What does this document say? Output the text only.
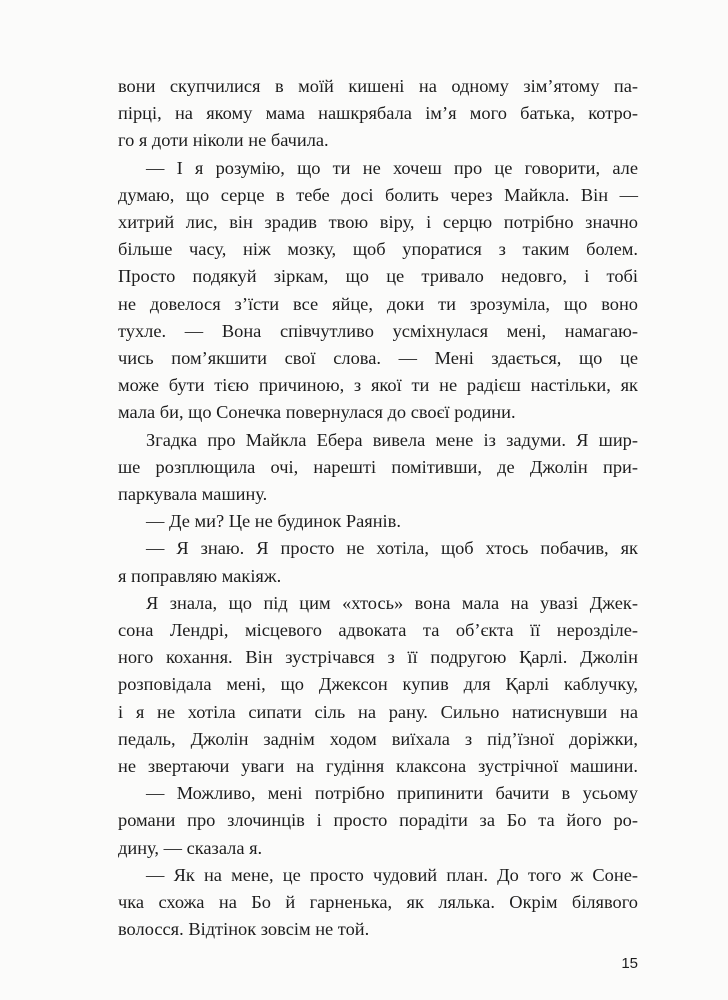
вони скупчилися в моїй кишені на одному зім’ятому па-
пірці, на якому мама нашкрябала ім’я мого батька, котро-
го я доти ніколи не бачила.
— І я розумію, що ти не хочеш про це говорити, але
думаю, що серце в тебе досі болить через Майкла. Він —
хитрий лис, він зрадив твою віру, і серцю потрібно значно
більше часу, ніж мозку, щоб упоратися з таким болем.
Просто подякуй зіркам, що це тривало недовго, і тобі
не довелося з’їсти все яйце, доки ти зрозуміла, що воно
тухле. — Вона співчутливо усміхнулася мені, намагаю-
чись пом’якшити свої слова. — Мені здається, що це
може бути тією причиною, з якої ти не радієш настільки, як
мала би, що Сонечка повернулася до своєї родини.
Згадка про Майкла Ебера вивела мене із задуми. Я шир-
ше розплющила очі, нарешті помітивши, де Джолін при-
паркувала машину.
— Де ми? Це не будинок Раянів.
— Я знаю. Я просто не хотіла, щоб хтось побачив, як
я поправляю макіяж.
Я знала, що під цим «хтось» вона мала на увазі Джек-
сона Лендрі, місцевого адвоката та об’єкта її нерозділе-
ного кохання. Він зустрічався з її подругою Қарлі. Джолін
розповідала мені, що Джексон купив для Қарлі каблучку,
і я не хотіла сипати сіль на рану. Сильно натиснувши на
педаль, Джолін заднім ходом виїхала з під’їзної доріжки,
не звертаючи уваги на гудіння клаксона зустрічної машини.
— Можливо, мені потрібно припинити бачити в усьому
романи про злочинців і просто порадіти за Бо та його ро-
дину, — сказала я.
— Як на мене, це просто чудовий план. До того ж Соне-
чка схожа на Бо й гарненька, як лялька. Окрім білявого
волосся. Відтінок зовсім не той.
15
